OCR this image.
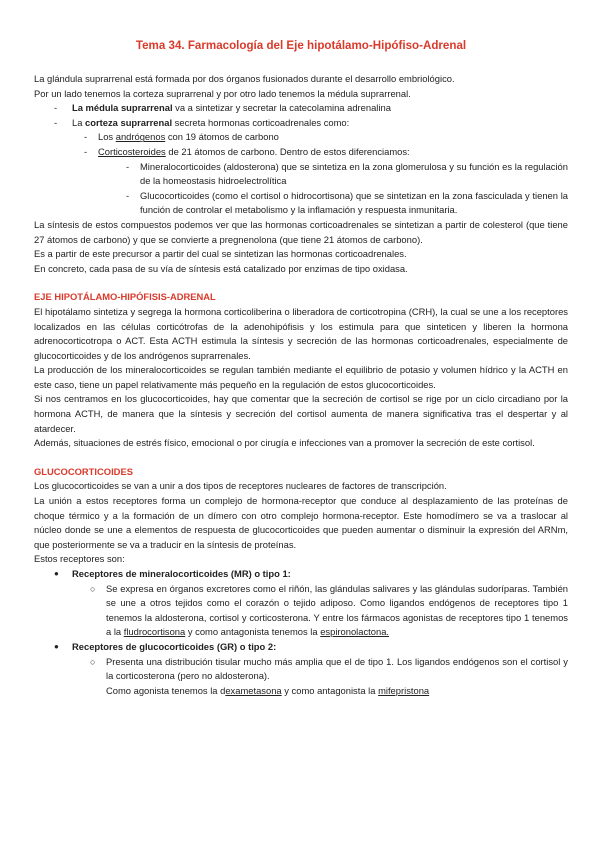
Tema 34. Farmacología del Eje hipotálamo-Hipófiso-Adrenal

La glándula suprarrenal está formada por dos órganos fusionados durante el desarrollo embriológico.

Por un lado tenemos la corteza suprarrenal y por otro lado tenemos la médula suprarrenal.

- La médula suprarrenal va a sintetizar y secretar la catecolamina adrenalina
- La corteza suprarrenal secreta hormonas corticoadrenales como:
- Los andrógenos con 19 átomos de carbono
- Corticosteroides de 21 átomos de carbono. Dentro de estos diferenciamos:
- Mineralocorticoides (aldosterona) que se sintetiza en la zona glomerulosa y su función es la regulación de la homeostasis hidroelectrolítica
- Glucocorticoides (como el cortisol o hidrocortisona) que se sintetizan en la zona fasciculada y tienen la función de controlar el metabolismo y la inflamación y respuesta inmunitaria.

La síntesis de estos compuestos podemos ver que las hormonas corticoadrenales se sintetizan a partir de colesterol (que tiene 27 átomos de carbono) y que se convierte a pregnenolona (que tiene 21 átomos de carbono).

Es a partir de este precursor a partir del cual se sintetizan las hormonas corticoadrenales.

En concreto, cada pasa de su vía de síntesis está catalizado por enzimas de tipo oxidasa.

EJE HIPOTÁLAMO-HIPÓFISIS-ADRENAL

El hipotálamo sintetiza y segrega la hormona corticoliberina o liberadora de corticotropina (CRH), la cual se une a los receptores localizados en las células corticótrofas de la adenohipófisis y los estimula para que sinteticen y liberen la hormona adrenocorticotropa o ACT. Esta ACTH estimula la síntesis y secreción de las hormonas corticoadrenales, especialmente de glucocorticoides y de los andrógenos suprarrenales.

La producción de los mineralocorticoides se regulan también mediante el equilibrio de potasio y volumen hídrico y la ACTH en este caso, tiene un papel relativamente más pequeño en la regulación de estos glucocorticoides.

Si nos centramos en los glucocorticoides, hay que comentar que la secreción de cortisol se rige por un ciclo circadiano por la hormona ACTH, de manera que la síntesis y secreción del cortisol aumenta de manera significativa tras el despertar y al atardecer.

Además, situaciones de estrés físico, emocional o por cirugía e infecciones van a promover la secreción de este cortisol.

GLUCOCORTICOIDES

Los glucocorticoides se van a unir a dos tipos de receptores nucleares de factores de transcripción.

La unión a estos receptores forma un complejo de hormona-receptor que conduce al desplazamiento de las proteínas de choque térmico y a la formación de un dímero con otro complejo hormona-receptor. Este homodímero se va a traslocar al núcleo donde se une a elementos de respuesta de glucocorticoides que pueden aumentar o disminuir la expresión del ARNm, que posteriormente se va a traducir en la síntesis de proteínas.

Estos receptores son:

● Receptores de mineralocorticoides (MR) o tipo 1:
○ Se expresa en órganos excretores como el riñón, las glándulas salivares y las glándulas sudoríparas. También se une a otros tejidos como el corazón o tejido adiposo. Como ligandos endógenos de receptores tipo 1 tenemos la aldosterona, cortisol y corticosterona. Y entre los fármacos agonistas de receptores tipo 1 tenemos a la fludrocortisona y como antagonista tenemos la espironolactona.
● Receptores de glucocorticoides (GR) o tipo 2:
○ Presenta una distribución tisular mucho más amplia que el de tipo 1. Los ligandos endógenos son el cortisol y la corticosterona (pero no aldosterona).
Como agonista tenemos la dexametasona y como antagonista la mifepristona
